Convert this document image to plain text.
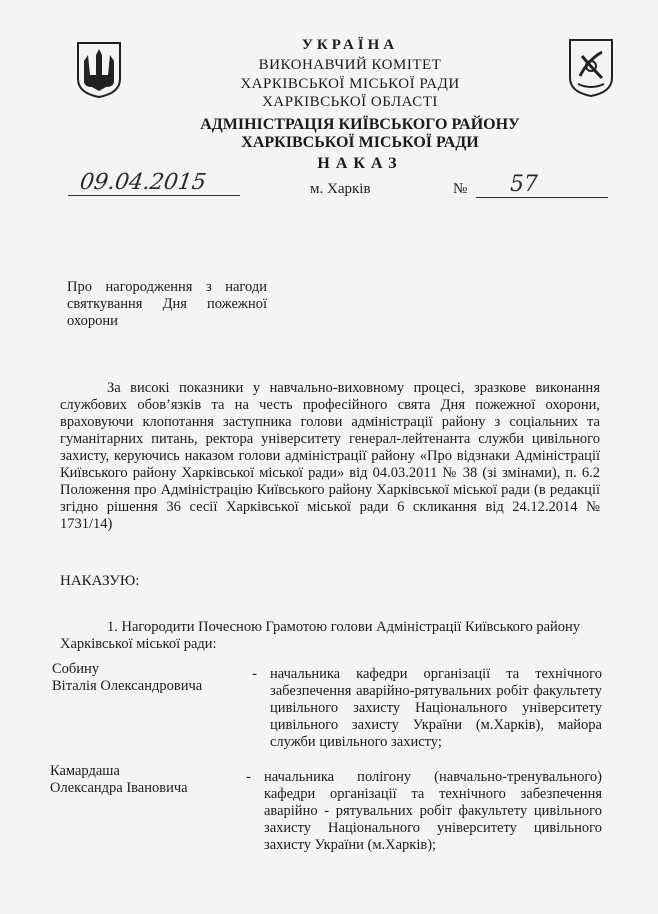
УКРАЇНА
ВИКОНАВЧИЙ КОМІТЕТ
ХАРКІВСЬКОЇ МІСЬКОЇ РАДИ
ХАРКІВСЬКОЇ ОБЛАСТІ
АДМІНІСТРАЦІЯ КИЇВСЬКОГО РАЙОНУ
ХАРКІВСЬКОЇ МІСЬКОЇ РАДИ
НАКАЗ
09.04.2015	м. Харків	№ 57
Про нагородження з нагоди святкування Дня пожежної охорони
За високі показники у навчально-виховному процесі, зразкове виконання службових обов’язків та на честь професійного свята Дня пожежної охорони, враховуючи клопотання заступника голови адміністрації району з соціальних та гуманітарних питань, ректора університету генерал-лейтенанта служби цивільного захисту, керуючись наказом голови адміністрації району «Про відзнаки Адміністрації Київського району Харківської міської ради» від 04.03.2011 № 38 (зі змінами), п. 6.2 Положення про Адміністрацію Київського району Харківської міської ради (в редакції згідно рішення 36 сесії Харківської міської ради 6 скликання від 24.12.2014 № 1731/14)
НАКАЗУЮ:
1. Нагородити Почесною Грамотою голови Адміністрації Київського району Харківської міської ради:
Собину
Віталія Олександровича
- начальника кафедри організації та технічного забезпечення аварійно-рятувальних робіт факультету цивільного захисту Національного університету цивільного захисту України (м.Харків), майора служби цивільного захисту;
Камардаша
Олександра Івановича
- начальника полігону (навчально-тренувального) кафедри організації та технічного забезпечення аварійно - рятувальних робіт факультету цивільного захисту Національного університету цивільного захисту України (м.Харків);
